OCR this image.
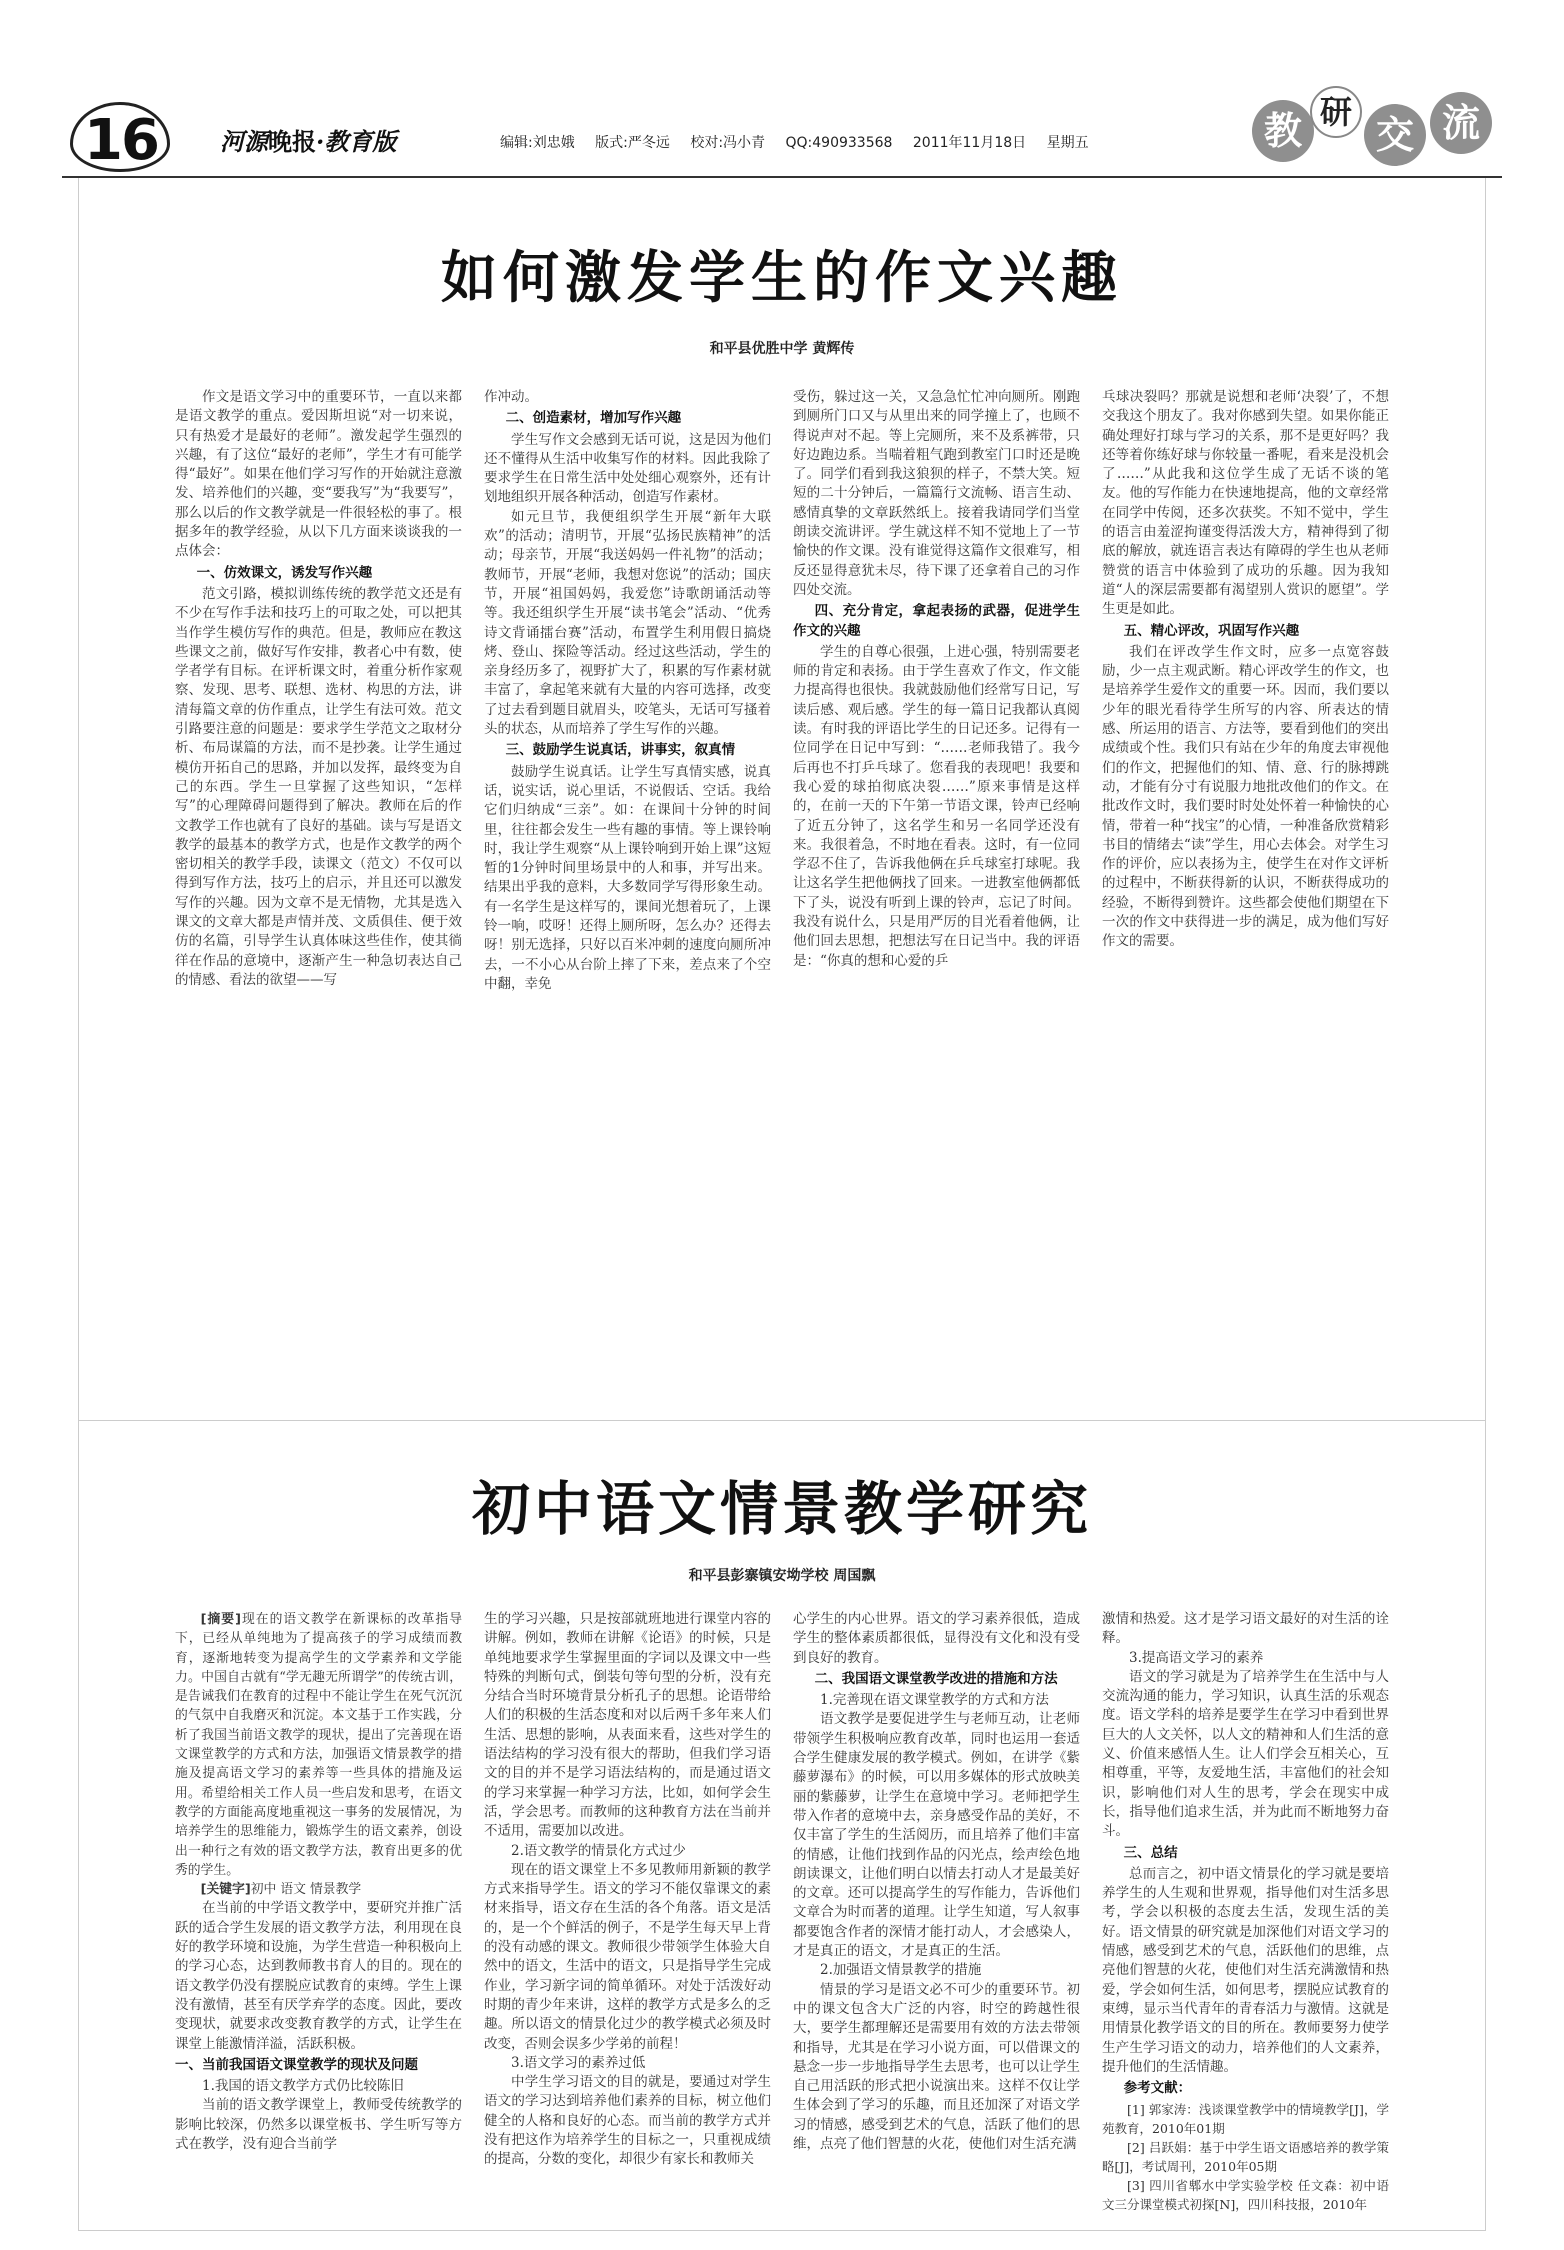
16	河源晚报·教育版	编辑:刘忠娥 版式:严冬远 校对:冯小青 QQ:490933568 2011年11月18日 星期五	教 研
交 流
如何激发学生的作文兴趣
和平县优胜中学 黄辉传

作文是语文学习中的重要环节，一直以来都是语文教学的重点。爱因斯坦说“对一切来说，只有热爱才是最好的老师”。激发起学生强烈的兴趣，有了这位“最好的老师”，学生才有可能学得“最好”。如果在他们学习写作的开始就注意激发、培养他们的兴趣，变“要我写”为“我要写”，那么以后的作文教学就是一件很轻松的事了。根据多年的教学经验，从以下几方面来谈谈我的一点体会：

一、仿效课文，诱发写作兴趣

范文引路，模拟训练传统的教学范文还是有不少在写作手法和技巧上的可取之处，可以把其当作学生模仿写作的典范。但是，教师应在教这些课文之前，做好写作安排，教者心中有数，使学者学有目标。在评析课文时，着重分析作家观察、发现、思考、联想、选材、构思的方法，讲清每篇文章的仿作重点，让学生有法可效。范文引路要注意的问题是：要求学生学范文之取材分析、布局谋篇的方法，而不是抄袭。让学生通过模仿开拓自己的思路，并加以发挥，最终变为自己的东西。学生一旦掌握了这些知识，“怎样写”的心理障碍问题得到了解决。教师在后的作文教学工作也就有了良好的基础。读与写是语文教学的最基本的教学方式，也是作文教学的两个密切相关的教学手段，读课文（范文）不仅可以得到写作方法，技巧上的启示，并且还可以激发写作的兴趣。因为文章不是无情物，尤其是选入课文的文章大都是声情并茂、文质俱佳、便于效仿的名篇，引导学生认真体味这些佳作，使其徜徉在作品的意境中，逐渐产生一种急切表达自己的情感、看法的欲望——写

作冲动。

二、创造素材，增加写作兴趣

学生写作文会感到无话可说，这是因为他们还不懂得从生活中收集写作的材料。因此我除了要求学生在日常生活中处处细心观察外，还有计划地组织开展各种活动，创造写作素材。

如元旦节，我便组织学生开展“新年大联欢”的活动；清明节，开展“弘扬民族精神”的活动；母亲节，开展“我送妈妈一件礼物”的活动；教师节，开展“老师，我想对您说”的活动；国庆节，开展“祖国妈妈，我爱您”诗歌朗诵活动等等。我还组织学生开展“读书笔会”活动、“优秀诗文背诵擂台赛”活动，布置学生利用假日搞烧烤、登山、探险等活动。经过这些活动，学生的亲身经历多了，视野扩大了，积累的写作素材就丰富了，拿起笔来就有大量的内容可选择，改变了过去看到题目就眉头，咬笔头，无话可写搔着头的状态，从而培养了学生写作的兴趣。

三、鼓励学生说真话，讲事实，叙真情

鼓励学生说真话。让学生写真情实感，说真话，说实话，说心里话，不说假话、空话。我给它们归纳成“三亲”。如：在课间十分钟的时间里，往往都会发生一些有趣的事情。等上课铃响时，我让学生观察“从上课铃响到开始上课”这短暂的1分钟时间里场景中的人和事，并写出来。结果出乎我的意料，大多数同学写得形象生动。有一名学生是这样写的，课间光想着玩了，上课铃一响，哎呀！还得上厕所呀，怎么办？还得去呀！别无选择，只好以百米冲刺的速度向厕所冲去，一不小心从台阶上摔了下来，差点来了个空中翻，幸免

受伤，躲过这一关，又急急忙忙冲向厕所。刚跑到厕所门口又与从里出来的同学撞上了，也顾不得说声对不起。等上完厕所，来不及系裤带，只好边跑边系。当喘着粗气跑到教室门口时还是晚了。同学们看到我这狼狈的样子，不禁大笑。短短的二十分钟后，一篇篇行文流畅、语言生动、感情真挚的文章跃然纸上。接着我请同学们当堂朗读交流讲评。学生就这样不知不觉地上了一节愉快的作文课。没有谁觉得这篇作文很难写，相反还显得意犹未尽，待下课了还拿着自己的习作四处交流。

四、充分肯定，拿起表扬的武器，促进学生作文的兴趣

学生的自尊心很强，上进心强，特别需要老师的肯定和表扬。由于学生喜欢了作文，作文能力提高得也很快。我就鼓励他们经常写日记，写读后感、观后感。学生的每一篇日记我都认真阅读。有时我的评语比学生的日记还多。记得有一位同学在日记中写到：“……老师我错了。我今后再也不打乒乓球了。您看我的表现吧！我要和我心爱的球拍彻底决裂……”原来事情是这样的，在前一天的下午第一节语文课，铃声已经响了近五分钟了，这名学生和另一名同学还没有来。我很着急，不时地在看表。这时，有一位同学忍不住了，告诉我他俩在乒乓球室打球呢。我让这名学生把他俩找了回来。一进教室他俩都低下了头，说没有听到上课的铃声，忘记了时间。我没有说什么，只是用严厉的目光看着他俩，让他们回去思想，把想法写在日记当中。我的评语是：“你真的想和心爱的乒

乓球决裂吗？那就是说想和老师‘决裂’了，不想交我这个朋友了。我对你感到失望。如果你能正确处理好打球与学习的关系，那不是更好吗？我还等着你练好球与你较量一番呢，看来是没机会了……”从此我和这位学生成了无话不谈的笔友。他的写作能力在快速地提高，他的文章经常在同学中传阅，还多次获奖。不知不觉中，学生的语言由羞涩拘谨变得活泼大方，精神得到了彻底的解放，就连语言表达有障碍的学生也从老师赞赏的语言中体验到了成功的乐趣。因为我知道“人的深层需要都有渴望别人赏识的愿望”。学生更是如此。

五、精心评改，巩固写作兴趣

我们在评改学生作文时，应多一点宽容鼓励，少一点主观武断。精心评改学生的作文，也是培养学生爱作文的重要一环。因而，我们要以少年的眼光看待学生所写的内容、所表达的情感、所运用的语言、方法等，要看到他们的突出成绩或个性。我们只有站在少年的角度去审视他们的作文，把握他们的知、情、意、行的脉搏跳动，才能有分寸有说服力地批改他们的作文。在批改作文时，我们要时时处处怀着一种愉快的心情，带着一种“找宝”的心情，一种准备欣赏精彩书目的情绪去“读”学生，用心去体会。对学生习作的评价，应以表扬为主，使学生在对作文评析的过程中，不断获得新的认识，不断获得成功的经验，不断得到赞许。这些都会使他们期望在下一次的作文中获得进一步的满足，成为他们写好作文的需要。

初中语文情景教学研究
和平县彭寨镇安坳学校 周国飘

[摘要]现在的语文教学在新课标的改革指导下，已经从单纯地为了提高孩子的学习成绩而教育，逐渐地转变为提高学生的文学素养和文学能力。中国自古就有“学无趣无所谓学”的传统古训，是告诫我们在教育的过程中不能让学生在死气沉沉的气氛中自我磨灭和沉淀。本文基于工作实践，分析了我国当前语文教学的现状，提出了完善现在语文课堂教学的方式和方法，加强语文情景教学的措施及提高语文学习的素养等一些具体的措施及运用。希望给相关工作人员一些启发和思考，在语文教学的方面能高度地重视这一事务的发展情况，为培养学生的思维能力，锻炼学生的语文素养，创设出一种行之有效的语文教学方法，教育出更多的优秀的学生。

[关键字]初中 语文 情景教学

在当前的中学语文教学中，要研究并推广活跃的适合学生发展的语文教学方法，利用现在良好的教学环境和设施，为学生营造一种积极向上的学习心态，达到教师教书育人的目的。现在的语文教学仍没有摆脱应试教育的束缚。学生上课没有激情，甚至有厌学弃学的态度。因此，要改变现状，就要求改变教育教学的方式，让学生在课堂上能激情洋溢，活跃积极。

一、当前我国语文课堂教学的现状及问题

1.我国的语文教学方式仍比较陈旧

当前的语文教学课堂上，教师受传统教学的影响比较深，仍然多以课堂板书、学生听写等方式在教学，没有迎合当前学

生的学习兴趣，只是按部就班地进行课堂内容的讲解。例如，教师在讲解《论语》的时候，只是单纯地要求学生掌握里面的字词以及课文中一些特殊的判断句式，倒装句等句型的分析，没有充分结合当时环境背景分析孔子的思想。论语带给人们的积极的生活态度和对以后两千多年来人们生活、思想的影响，从表面来看，这些对学生的语法结构的学习没有很大的帮助，但我们学习语文的目的并不是学习语法结构的，而是通过语文的学习来掌握一种学习方法，比如，如何学会生活，学会思考。而教师的这种教育方法在当前并不适用，需要加以改进。

2.语文教学的情景化方式过少

现在的语文课堂上不多见教师用新颖的教学方式来指导学生。语文的学习不能仅靠课文的素材来指导，语文存在生活的各个角落。语文是活的，是一个个鲜活的例子，不是学生每天早上背的没有动感的课文。教师很少带领学生体验大自然中的语文，生活中的语文，只是指导学生完成作业，学习新字词的简单循环。对处于活泼好动时期的青少年来讲，这样的教学方式是多么的乏趣。所以语文的情景化过少的教学模式必须及时改变，否则会误多少学弟的前程！

3.语文学习的素养过低

中学生学习语文的目的就是，要通过对学生语文的学习达到培养他们素养的目标，树立他们健全的人格和良好的心态。而当前的教学方式并没有把这作为培养学生的目标之一，只重视成绩的提高，分数的变化，却很少有家长和教师关

心学生的内心世界。语文的学习素养很低，造成学生的整体素质都很低，显得没有文化和没有受到良好的教育。

二、我国语文课堂教学改进的措施和方法

1.完善现在语文课堂教学的方式和方法

语文教学是要促进学生与老师互动，让老师带领学生积极响应教育改革，同时也运用一套适合学生健康发展的教学模式。例如，在讲学《紫藤萝瀑布》的时候，可以用多媒体的形式放映美丽的紫藤萝，让学生在意境中学习。老师把学生带入作者的意境中去，亲身感受作品的美好，不仅丰富了学生的生活阅历，而且培养了他们丰富的情感，让他们找到作品的闪光点，绘声绘色地朗读课文，让他们明白以情去打动人才是最美好的文章。还可以提高学生的写作能力，告诉他们文章合为时而著的道理。让学生知道，写人叙事都要饱含作者的深情才能打动人，才会感染人，才是真正的语文，才是真正的生活。

2.加强语文情景教学的措施

情景的学习是语文必不可少的重要环节。初中的课文包含大广泛的内容，时空的跨越性很大，要学生都理解还是需要用有效的方法去带领和指导，尤其是在学习小说方面，可以借课文的悬念一步一步地指导学生去思考，也可以让学生自己用活跃的形式把小说演出来。这样不仅让学生体会到了学习的乐趣，而且还加深了对语文学习的情感，感受到艺术的气息，活跃了他们的思维，点亮了他们智慧的火花，使他们对生活充满

激情和热爱。这才是学习语文最好的对生活的诠释。

3.提高语文学习的素养

语文的学习就是为了培养学生在生活中与人交流沟通的能力，学习知识，认真生活的乐观态度。语文学科的培养是要学生在学习中看到世界巨大的人文关怀，以人文的精神和人们生活的意义、价值来感悟人生。让人们学会互相关心，互相尊重，平等，友爱地生活，丰富他们的社会知识，影响他们对人生的思考，学会在现实中成长，指导他们追求生活，并为此而不断地努力奋斗。

三、总结

总而言之，初中语文情景化的学习就是要培养学生的人生观和世界观，指导他们对生活多思考，学会以积极的态度去生活，发现生活的美好。语文情景的研究就是加深他们对语文学习的情感，感受到艺术的气息，活跃他们的思维，点亮他们智慧的火花，使他们对生活充满激情和热爱，学会如何生活，如何思考，摆脱应试教育的束缚，显示当代青年的青春活力与激情。这就是用情景化教学语文的目的所在。教师要努力使学生产生学习语文的动力，培养他们的人文素养，提升他们的生活情趣。

参考文献：

[1] 郭家涛：浅谈课堂教学中的情境教学[J]，学苑教育，2010年01期

[2] 吕跃娟：基于中学生语文语感培养的教学策略[J]，考试周刊，2010年05期

[3] 四川省郫水中学实验学校 任文森：初中语文三分课堂模式初探[N]，四川科技报，2010年
